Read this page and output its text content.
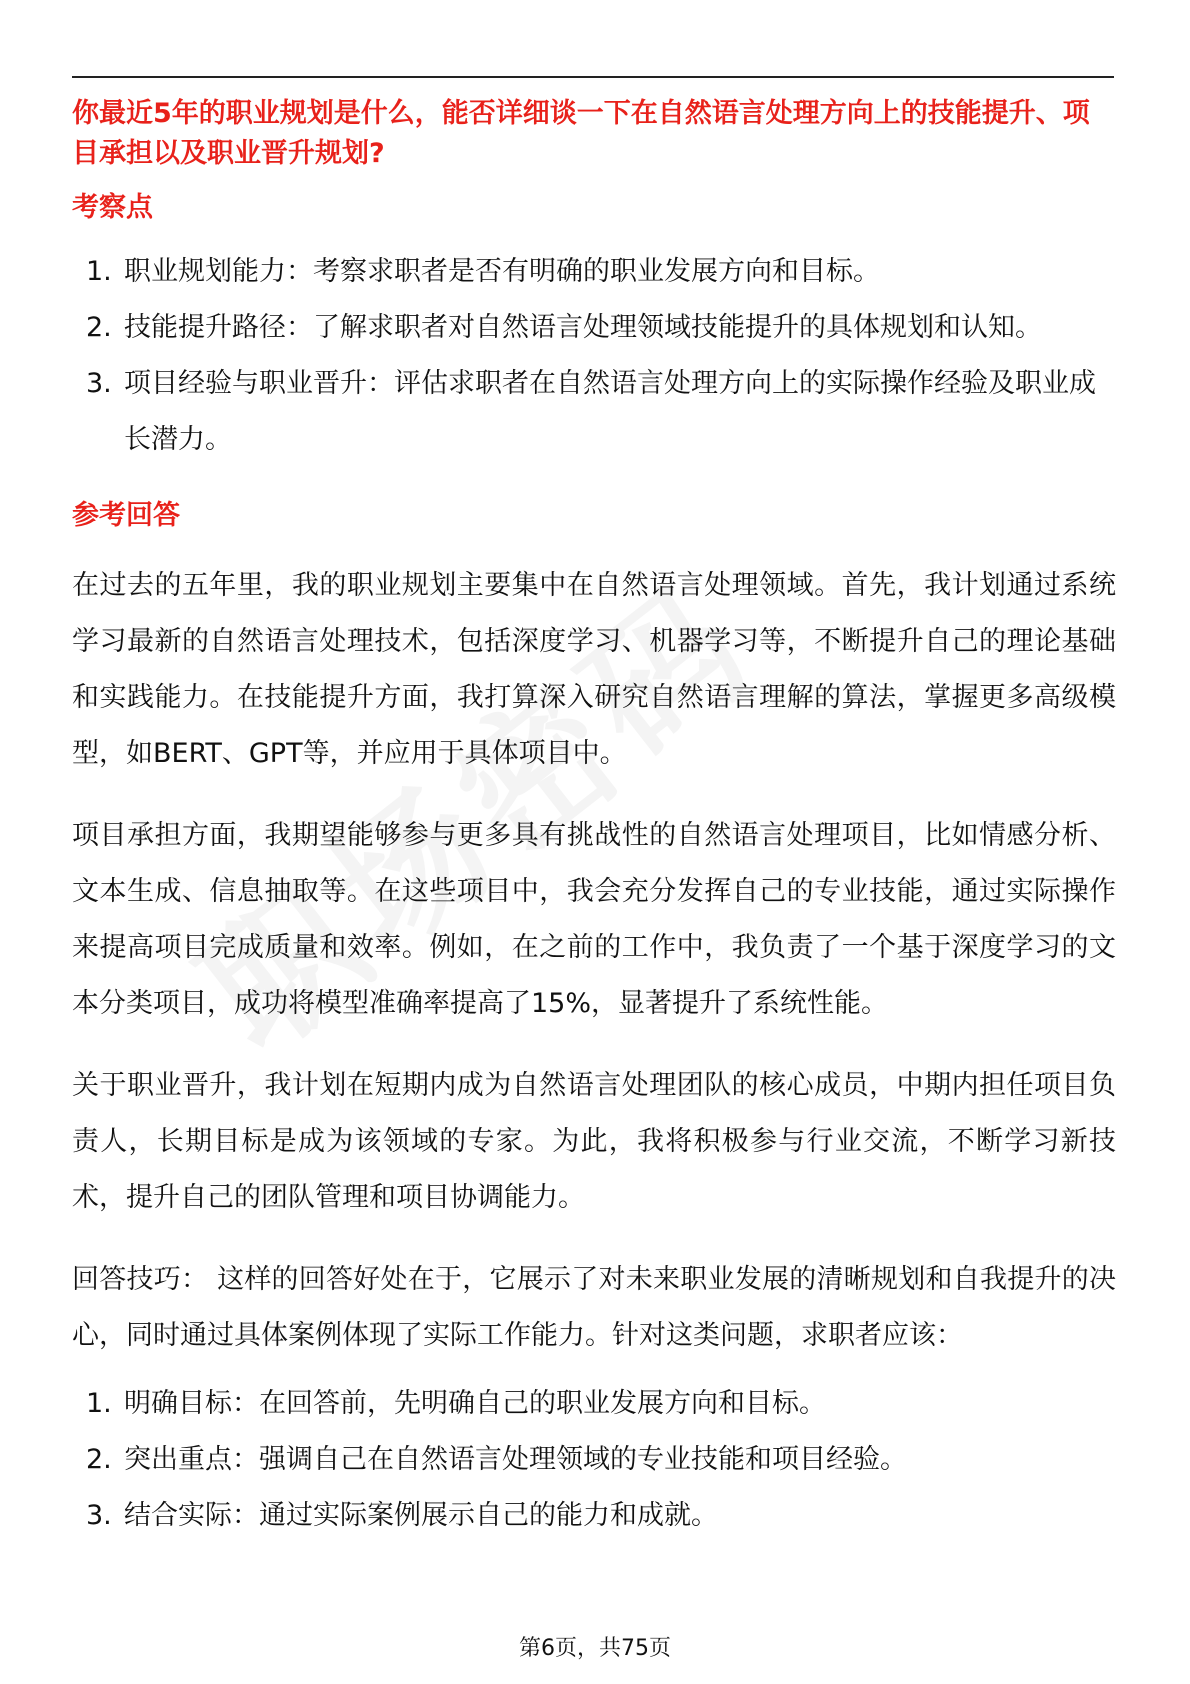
你最近5年的职业规划是什么，能否详细谈一下在自然语言处理方向上的技能提升、项目承担以及职业晋升规划?

考察点

1. 职业规划能力：考察求职者是否有明确的职业发展方向和目标。
2. 技能提升路径：了解求职者对自然语言处理领域技能提升的具体规划和认知。
3. 项目经验与职业晋升：评估求职者在自然语言处理方向上的实际操作经验及职业成长潜力。

参考回答

在过去的五年里，我的职业规划主要集中在自然语言处理领域。首先，我计划通过系统学习最新的自然语言处理技术，包括深度学习、机器学习等，不断提升自己的理论基础和实践能力。在技能提升方面，我打算深入研究自然语言理解的算法，掌握更多高级模型，如BERT、GPT等，并应用于具体项目中。

项目承担方面，我期望能够参与更多具有挑战性的自然语言处理项目，比如情感分析、文本生成、信息抽取等。在这些项目中，我会充分发挥自己的专业技能，通过实际操作来提高项目完成质量和效率。例如，在之前的工作中，我负责了一个基于深度学习的文本分类项目，成功将模型准确率提高了15%，显著提升了系统性能。

关于职业晋升，我计划在短期内成为自然语言处理团队的核心成员，中期内担任项目负责人，长期目标是成为该领域的专家。为此，我将积极参与行业交流，不断学习新技术，提升自己的团队管理和项目协调能力。

回答技巧： 这样的回答好处在于，它展示了对未来职业发展的清晰规划和自我提升的决心，同时通过具体案例体现了实际工作能力。针对这类问题，求职者应该：

1. 明确目标：在回答前，先明确自己的职业发展方向和目标。
2. 突出重点：强调自己在自然语言处理领域的专业技能和项目经验。
3. 结合实际：通过实际案例展示自己的能力和成就。
第6页，共75页
